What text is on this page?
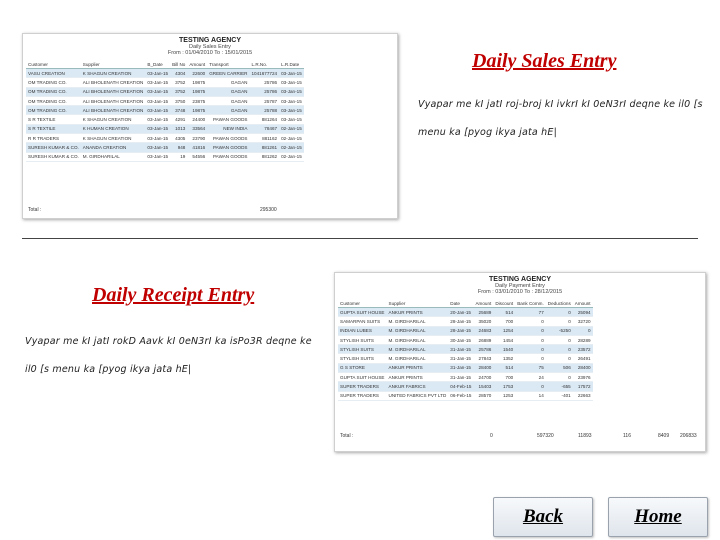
TESTING AGENCY
Daily Sales Entry
From : 01/04/2010 To : 15/01/2015
Customer	Supplier	B_Date	Bill No	Amount	Transport	L.R.No.	L.R.Date
VASU CREATION	K SHAGUN CREATION	03-Jan-15	4304	22600	GREEN CARRIER	1041677724	03-Jan-15
OM TRADING CO.	ALI BHOLENATH CREATION	03-Jan-15	3752	19875	GAGAN	25786	03-Jan-15
OM TRADING CO.	ALI BHOLENATH CREATION	03-Jan-15	3752	19875	GAGAN	25786	03-Jan-15
OM TRADING CO.	ALI BHOLENATH CREATION	03-Jan-15	3750	23875	GAGAN	25787	03-Jan-15
OM TRADING CO.	ALI BHOLENATH CREATION	03-Jan-15	3748	19875	GAGAN	25788	03-Jan-15
S R TEXTILE	K SHAGUN CREATION	03-Jan-15	4291	24400	PAWAN GOODS	881264	03-Jan-15
S R TEXTILE	K HUMAN CREATION	03-Jan-15	1013	33564	NEW INDIA	78467	02-Jan-15
R R TRADERS	K SHAGUN CREATION	03-Jan-15	4305	23790	PAWAN GOODS	881162	02-Jan-15
SURESH KUMAR & CO.	ANANDA CREATION	03-Jan-15	948	41816	PAWAN GOODS	881261	02-Jan-15
SURESH KUMAR & CO.	M. GIRDHARILAL	03-Jan-15	19	54556	PAWAN GOODS	881262	02-Jan-15
Total :	295300
Daily Sales Entry
Vyapar me kI jatI roj-broj kI ivkrI kI 0eN3rI deqne ke il0 [s
menu ka [pyog ikya jata hE|
Daily Receipt Entry
Vyapar me kI jatI rokD Aavk kI 0eN3rI ka isPo3R deqne ke
il0 [s menu ka [pyog ikya jata hE|
TESTING AGENCY
Daily Payment Entry
From : 03/01/2010 To : 28/12/2015
Customer	Supplier	Date	Amount	Discount	Bank Comm.	Deductions	Amount
GUPTA SUIT HOUSE	ANKUR PRINTS	20-Jan-15	25689	514	77	0	25094
SAMARPAN SUITS	M. GIRDHARILAL	28-Jan-15	35020	700	0	0	32720
INDIAN LUBES	M. GIRDHARILAL	28-Jan-15	24683	1254	0	-5250	0
STYLISH SUITS	M. GIRDHARILAL	30-Jan-15	26889	1454	0	0	28289
STYLISH SUITS	M. GIRDHARILAL	31-Jan-15	25786	1540	0	0	23572
STYLISH SUITS	M. GIRDHARILAL	31-Jan-15	27843	1352	0	0	26491
G S STORE	ANKUR PRINTS	31-Jan-15	28400	514	75	506	28400
GUPTA SUIT HOUSE	ANKUR PRINTS	31-Jan-15	24700	700	24	0	23976
SUPER TRADERS	ANKUR FABRICS	04-Feb-15	15403	1753	0	-655	17572
SUPER TRADERS	UNITED FABRICS PVT LTD	06-Feb-15	28570	1253	14	-401	22663
Total :	0	597320	11893	116	8409 206833
Back	Home
